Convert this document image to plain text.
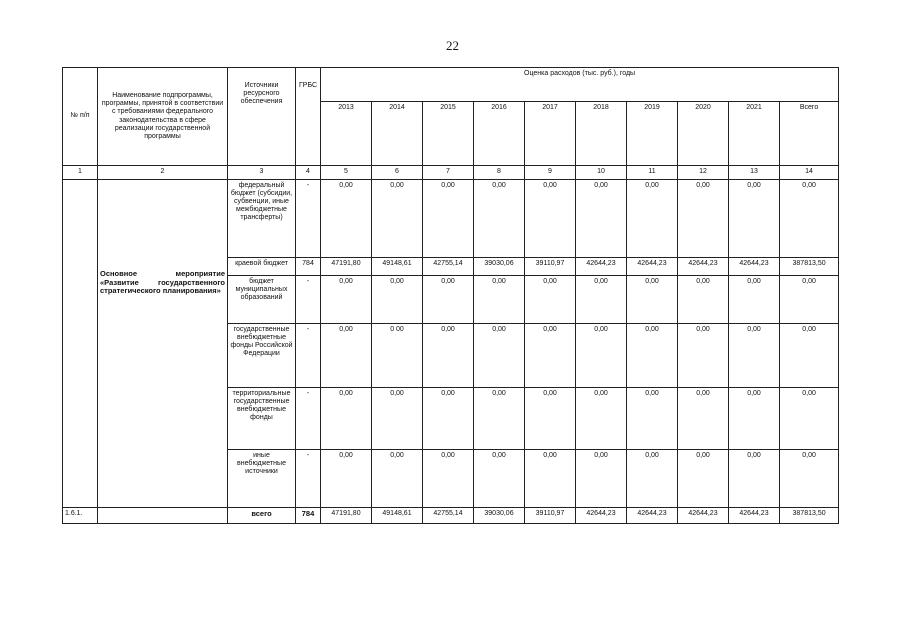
22
№ п/п	Наименование подпрограммы, программы, принятой в соответствии с требованиями федерального законодательства в сфере реализации государственной программы	Источники ресурсного обеспечения	ГРБС	Оценка расходов (тыс. руб.), годы									
				2013	2014	2015	2016	2017	2018	2019	2020	2021	Всего
1	2	3	4	5	6	7	8	9	10	11	12	13	14
	Основное мероприятие «Развитие государственного стратегического планирования»	федеральный бюджет (субсидии, субвенции, иные межбюджетные трансферты)	-	0,00	0,00	0,00	0,00	0,00	0,00	0,00	0,00	0,00	0,00
		краевой бюджет	784	47191,80	49148,61	42755,14	39030,06	39110,97	42644,23	42644,23	42644,23	42644,23	387813,50
		бюджет муниципальных образований	-	0,00	0,00	0,00	0,00	0,00	0,00	0,00	0,00	0,00	0,00
		государственные внебюджетные фонды Российской Федерации	-	0,00	0 00	0,00	0,00	0,00	0,00	0,00	0,00	0,00	0,00
		территориальные государственные внебюджетные фонды	-	0,00	0,00	0,00	0,00	0,00	0,00	0,00	0,00	0,00	0,00
		иные внебюджетные источники	-	0,00	0,00	0,00	0,00	0,00	0,00	0,00	0,00	0,00	0,00
1.6.1.		всего	784	47191,80	49148,61	42755,14	39030,06	39110,97	42644,23	42644,23	42644,23	42644,23	387813,50
